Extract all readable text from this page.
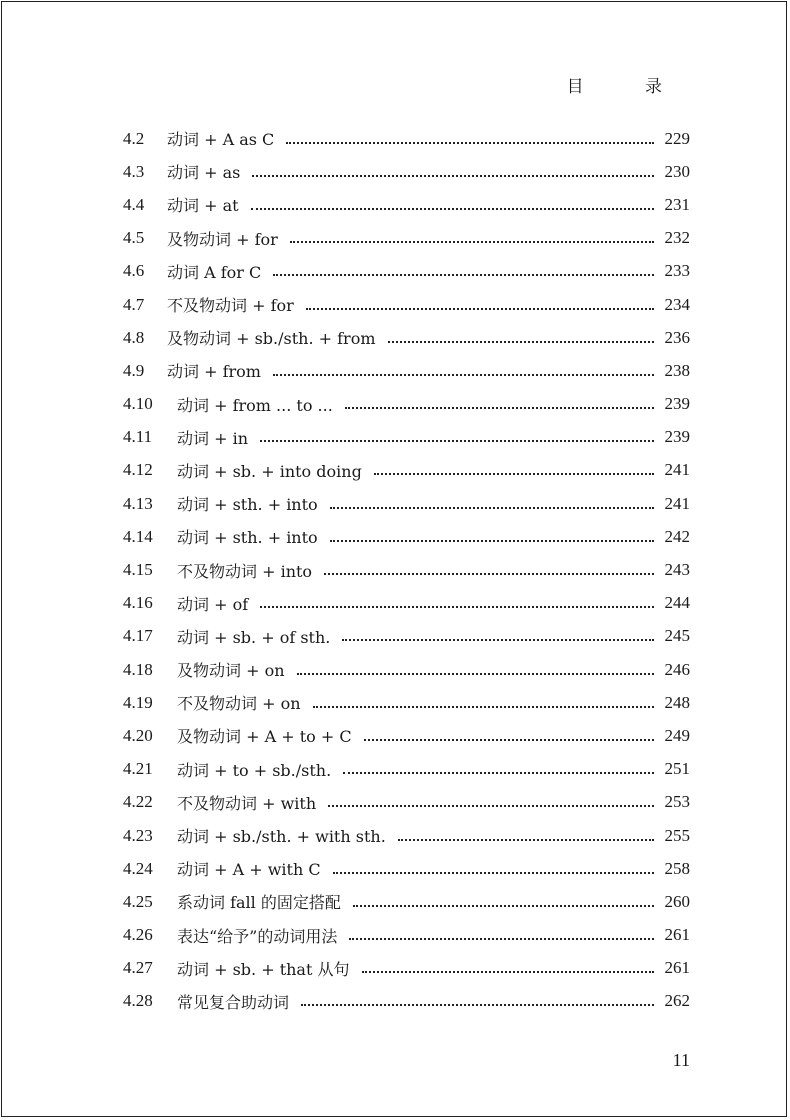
目 录
4.2	动词 + A as C	229
4.3	动词 + as	230
4.4	动词 + at	231
4.5	及物动词 + for	232
4.6	动词 A for C	233
4.7	不及物动词 + for	234
4.8	及物动词 + sb./sth. + from	236
4.9	动词 + from	238
4.10	动词 + from ... to ...	239
4.11	动词 + in	239
4.12	动词 + sb. + into doing	241
4.13	动词 + sth. + into	241
4.14	动词 + sth. + into	242
4.15	不及物动词 + into	243
4.16	动词 + of	244
4.17	动词 + sb. + of sth.	245
4.18	及物动词 + on	246
4.19	不及物动词 + on	248
4.20	及物动词 + A + to + C	249
4.21	动词 + to + sb./sth.	251
4.22	不及物动词 + with	253
4.23	动词 + sb./sth. + with sth.	255
4.24	动词 + A + with C	258
4.25	系动词 fall 的固定搭配	260
4.26	表达“给予”的动词用法	261
4.27	动词 + sb. + that 从句	261
4.28	常见复合助动词	262
11
